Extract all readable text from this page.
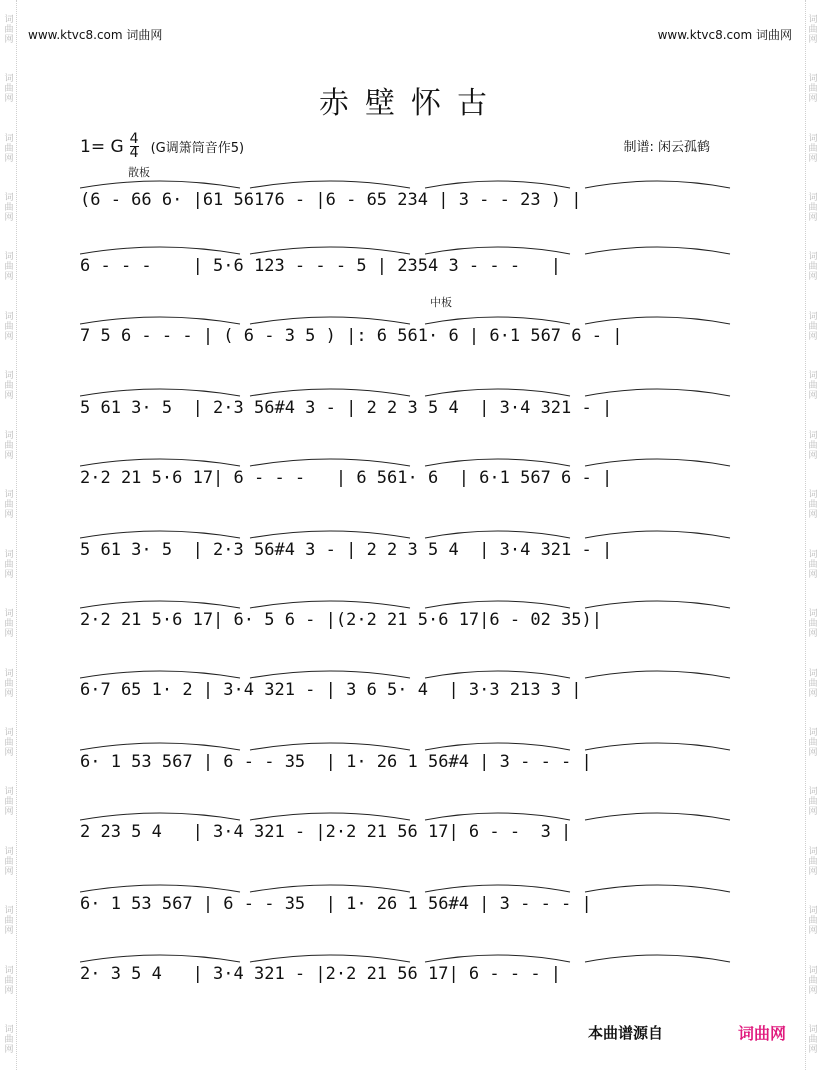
词
曲
网
词
曲
网
词
曲
网
词
曲
网
词
曲
网
词
曲
网
词
曲
网
词
曲
网
词
曲
网
词
曲
网
词
曲
网
词
曲
网
词
曲
网
词
曲
网
词
曲
网
词
曲
网
词
曲
网
词
曲
网
词
曲
网
词
曲
网
词
曲
网
词
曲
网
词
曲
网
词
曲
网
词
曲
网
词
曲
网
词
曲
网
词
曲
网
词
曲
网
词
曲
网
词
曲
网
词
曲
网
词
曲
网
词
曲
网
词
曲
网
词
曲
网
www.ktvc8.com 词曲网	www.ktvc8.com 词曲网
赤壁怀古
1= G $\frac{4}{4} (G$调箫筒音作5)	制谱: 闲云孤鹤
散板
中板
(6 - 66 6· |61 56176 - |6 - 65 234 | 3 - - 23 ) |
6 - - -    | 5·6 123 - - - 5 | 2354 3 - - -   |
7 5 6 - - - | ( 6 - 3 5 ) |: 6 561· 6 | 6·1 567 6 - |
5 61 3· 5  | 2·3 56#4 3 - | 2 2 3 5 4  | 3·4 321 - |
2·2 21 5·6 17| 6 - - -   | 6 561· 6  | 6·1 567 6 - |
5 61 3· 5  | 2·3 56#4 3 - | 2 2 3 5 4  | 3·4 321 - |
2·2 21 5·6 17| 6· 5 6 - |(2·2 21 5·6 17|6 - 02 35)|
6·7 65 1· 2 | 3·4 321 - | 3 6 5· 4  | 3·3 213 3 |
6· 1 53 567 | 6 - - 35  | 1· 26 1 56#4 | 3 - - - |
2 23 5 4   | 3·4 321 - |2·2 21 56 17| 6 - -  3 |
6· 1 53 567 | 6 - - 35  | 1· 26 1 56#4 | 3 - - - |
2· 3 5 4   | 3·4 321 - |2·2 21 56 17| 6 - - - |
本曲谱源自	词曲网
